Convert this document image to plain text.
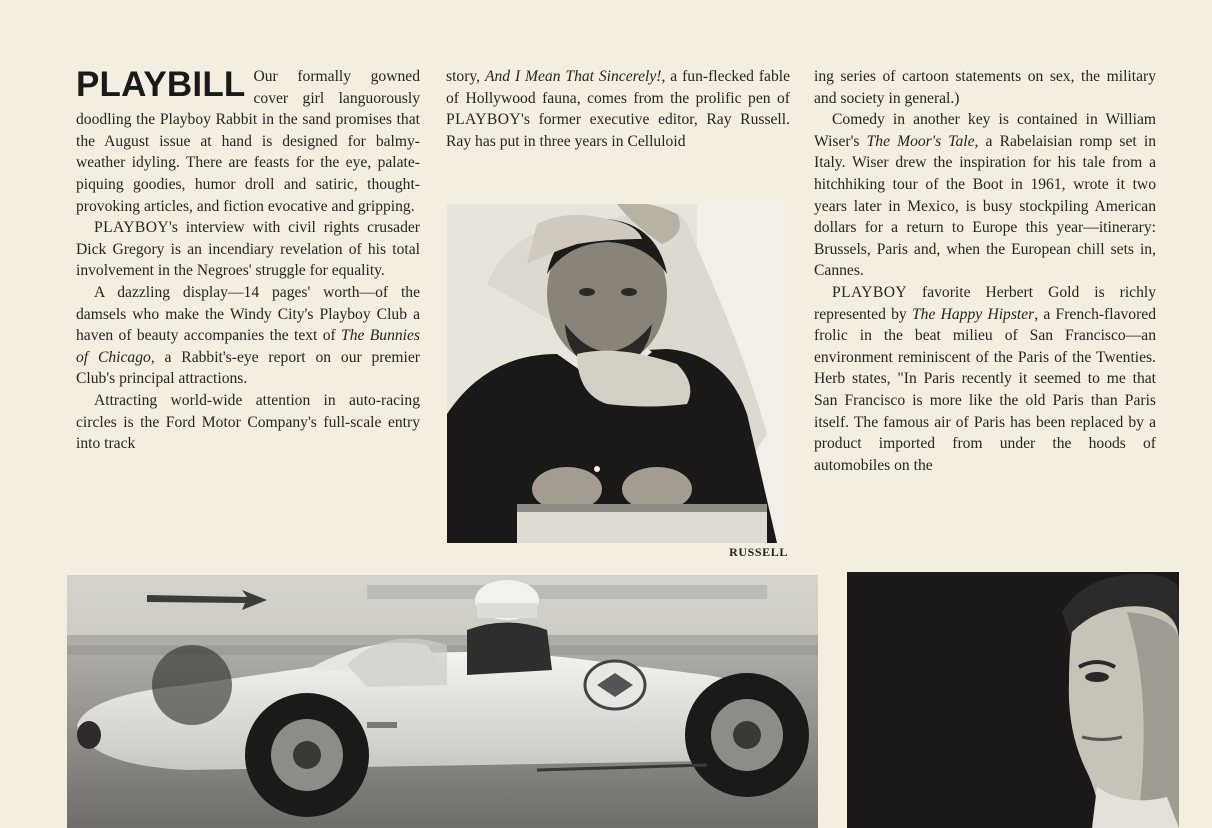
PLAYBILL Our formally gowned cover girl languorously doodling the Playboy Rabbit in the sand promises that the August issue at hand is designed for balmy-weather idyling. There are feasts for the eye, palate-piquing goodies, humor droll and satiric, thought-provoking articles, and fiction evocative and gripping.

PLAYBOY's interview with civil rights crusader Dick Gregory is an incendiary revelation of his total involvement in the Negroes' struggle for equality.

A dazzling display—14 pages' worth—of the damsels who make the Windy City's Playboy Club a haven of beauty accompanies the text of The Bunnies of Chicago, a Rabbit's-eye report on our premier Club's principal attractions.

Attracting world-wide attention in auto-racing circles is the Ford Motor Company's full-scale entry into track

story, And I Mean That Sincerely!, a fun-flecked fable of Hollywood fauna, comes from the prolific pen of PLAYBOY's former executive editor, Ray Russell. Ray has put in three years in Celluloid

ing series of cartoon statements on sex, the military and society in general.)

Comedy in another key is contained in William Wiser's The Moor's Tale, a Rabelaisian romp set in Italy. Wiser drew the inspiration for his tale from a hitchhiking tour of the Boot in 1961, wrote it two years later in Mexico, is busy stockpiling American dollars for a return to Europe this year—itinerary: Brussels, Paris and, when the European chill sets in, Cannes.

PLAYBOY favorite Herbert Gold is richly represented by The Happy Hipster, a French-flavored frolic in the beat milieu of San Francisco—an environment reminiscent of the Paris of the Twenties. Herb states, "In Paris recently it seemed to me that San Francisco is more like the old Paris than Paris itself. The famous air of Paris has been replaced by a product imported from under the hoods of automobiles on the

RUSSELL
